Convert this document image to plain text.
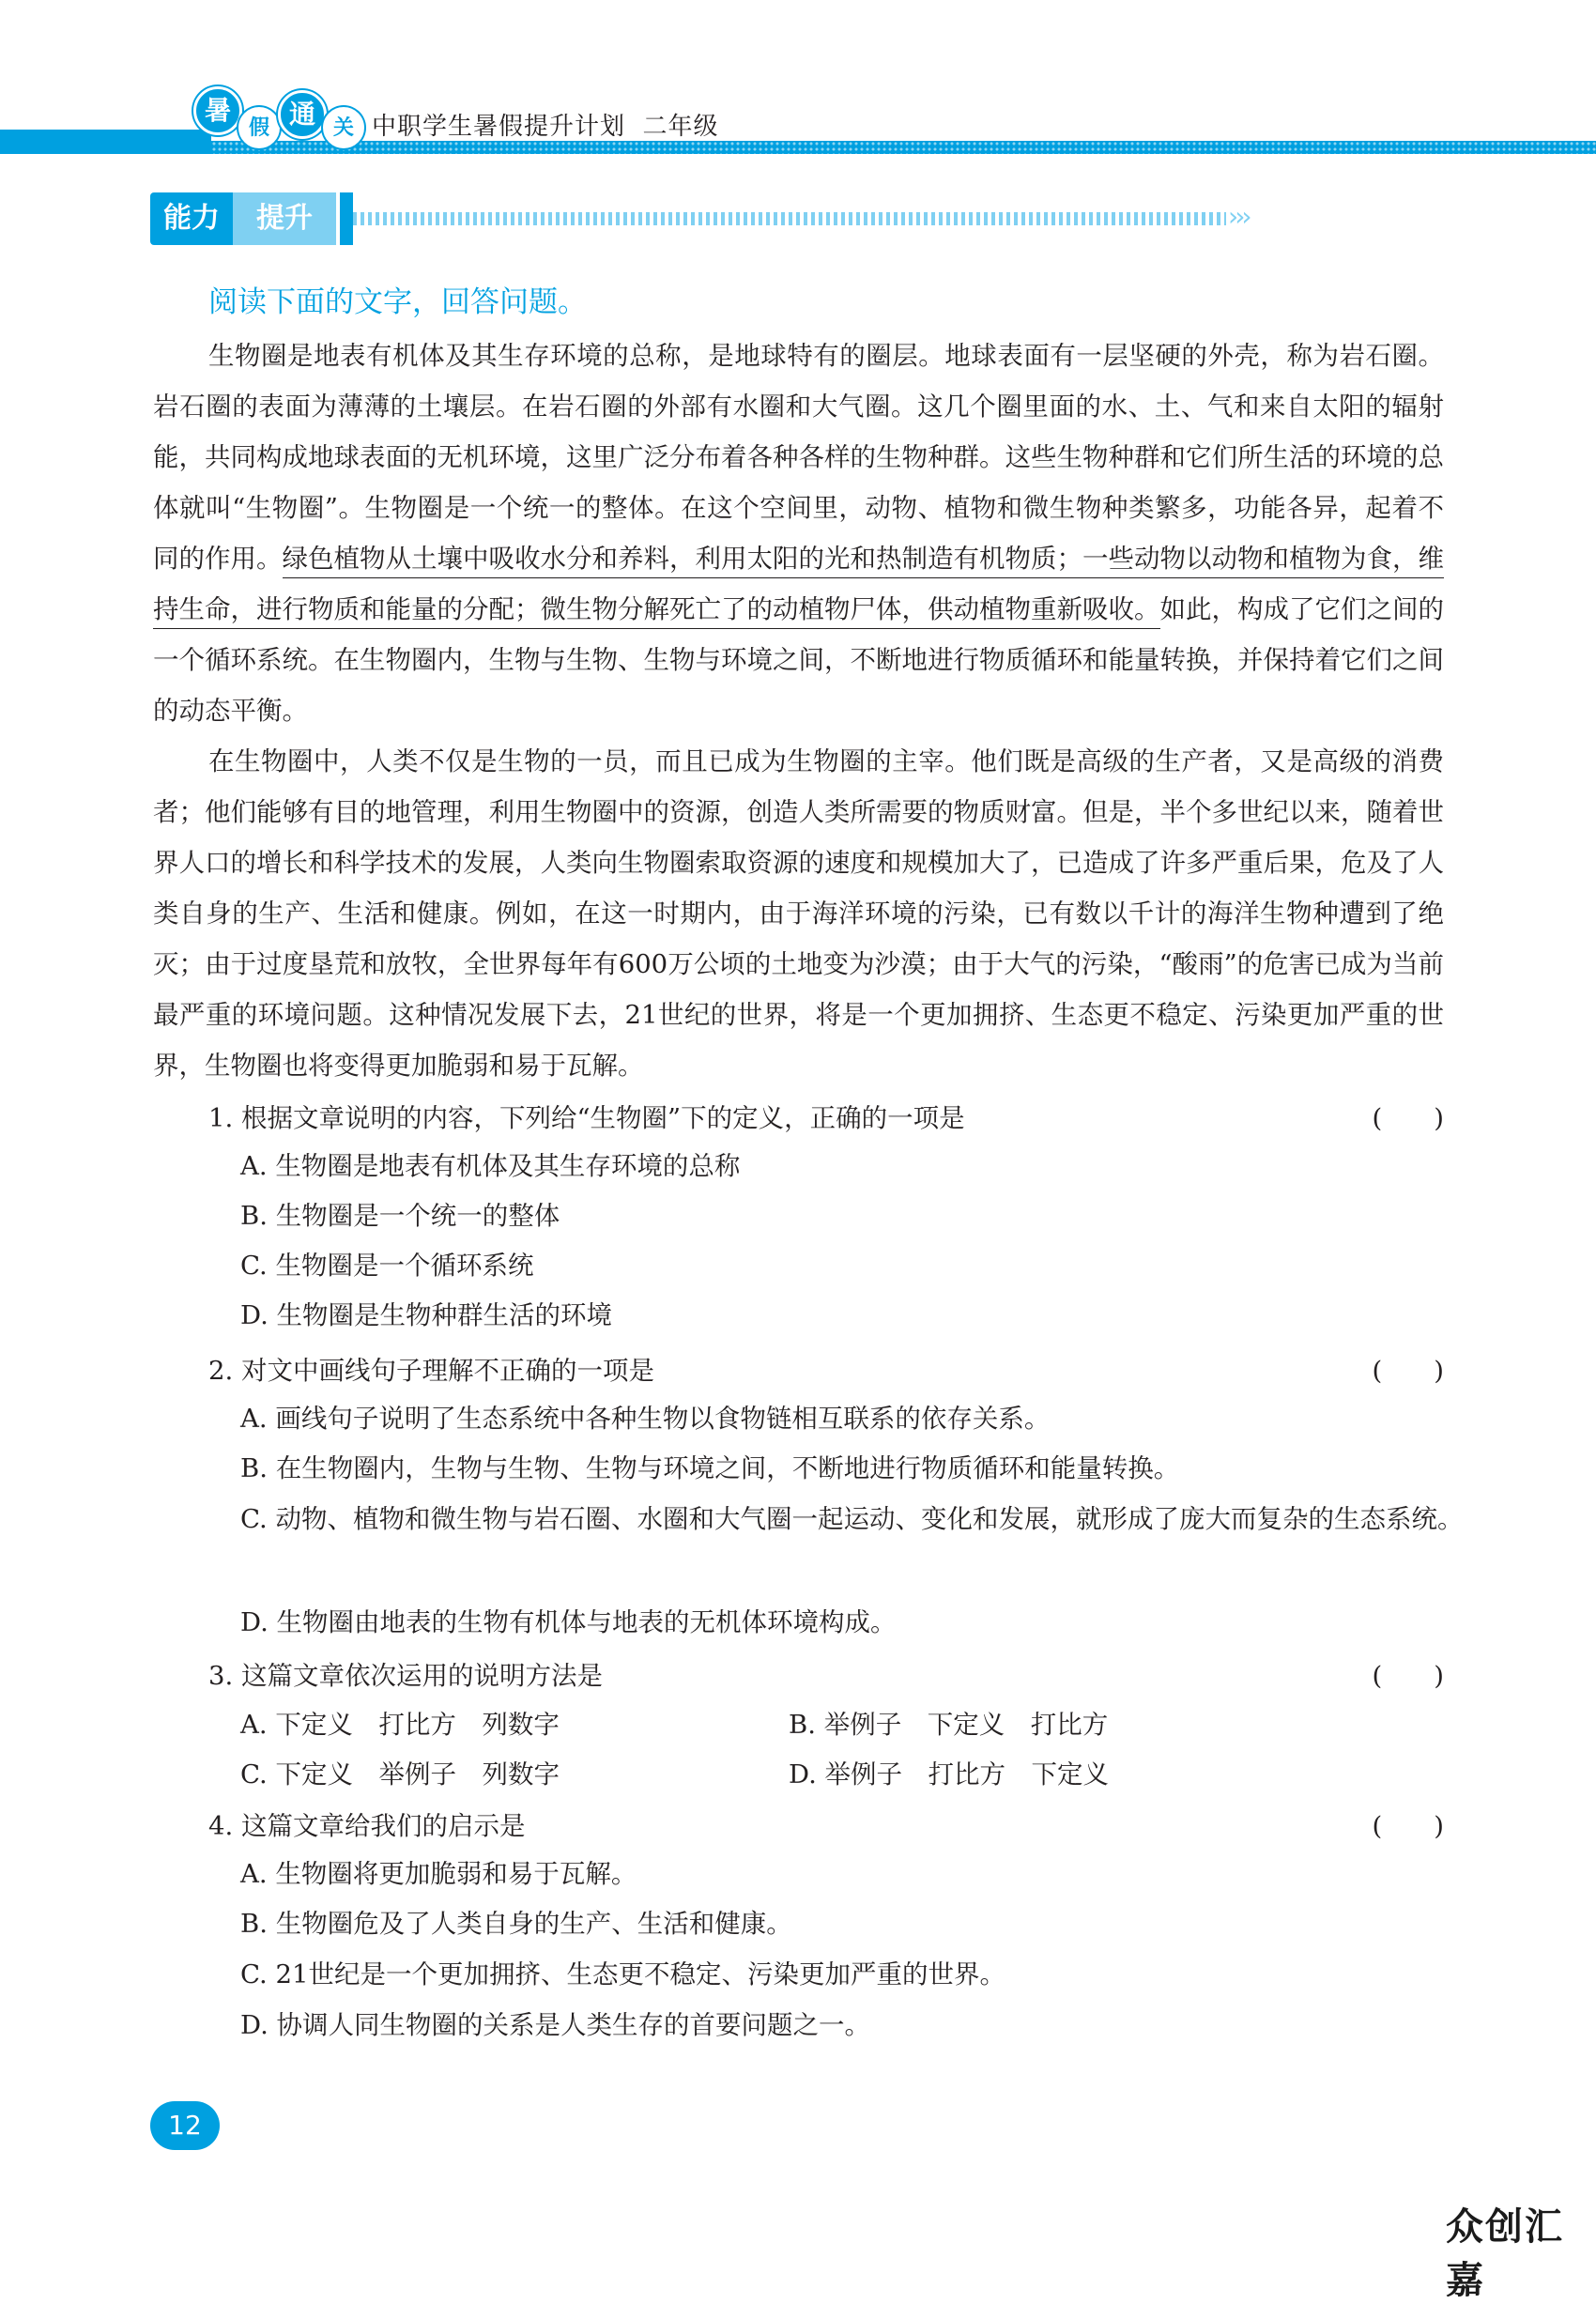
暑
假 通 关 中职学生暑假提升计划  二年级
能力	提升	›››
阅读下面的文字，回答问题。

生物圈是地表有机体及其生存环境的总称，是地球特有的圈层。地球表面有一层坚硬的外壳，称为岩石圈。岩石圈的表面为薄薄的土壤层。在岩石圈的外部有水圈和大气圈。这几个圈里面的水、土、气和来自太阳的辐射能，共同构成地球表面的无机环境，这里广泛分布着各种各样的生物种群。这些生物种群和它们所生活的环境的总体就叫“生物圈”。生物圈是一个统一的整体。在这个空间里，动物、植物和微生物种类繁多，功能各异，起着不同的作用。绿色植物从土壤中吸收水分和养料，利用太阳的光和热制造有机物质；一些动物以动物和植物为食，维持生命，进行物质和能量的分配；微生物分解死亡了的动植物尸体，供动植物重新吸收。如此，构成了它们之间的一个循环系统。在生物圈内，生物与生物、生物与环境之间，不断地进行物质循环和能量转换，并保持着它们之间的动态平衡。

在生物圈中，人类不仅是生物的一员，而且已成为生物圈的主宰。他们既是高级的生产者，又是高级的消费者；他们能够有目的地管理，利用生物圈中的资源，创造人类所需要的物质财富。但是，半个多世纪以来，随着世界人口的增长和科学技术的发展，人类向生物圈索取资源的速度和规模加大了，已造成了许多严重后果，危及了人类自身的生产、生活和健康。例如，在这一时期内，由于海洋环境的污染，已有数以千计的海洋生物种遭到了绝灭；由于过度垦荒和放牧，全世界每年有600万公顷的土地变为沙漠；由于大气的污染，“酸雨”的危害已成为当前最严重的环境问题。这种情况发展下去，21世纪的世界，将是一个更加拥挤、生态更不稳定、污染更加严重的世界，生物圈也将变得更加脆弱和易于瓦解。

1. 根据文章说明的内容，下列给“生物圈”下的定义，正确的一项是	(　　)
A. 生物圈是地表有机体及其生存环境的总称
B. 生物圈是一个统一的整体
C. 生物圈是一个循环系统
D. 生物圈是生物种群生活的环境
2. 对文中画线句子理解不正确的一项是	(　　)
A. 画线句子说明了生态系统中各种生物以食物链相互联系的依存关系。
B. 在生物圈内，生物与生物、生物与环境之间，不断地进行物质循环和能量转换。
C. 动物、植物和微生物与岩石圈、水圈和大气圈一起运动、变化和发展，就形成了庞大而复杂的生态系统。
D. 生物圈由地表的生物有机体与地表的无机体环境构成。
3. 这篇文章依次运用的说明方法是	(　　)
A. 下定义　打比方　列数字	B. 举例子　下定义　打比方
C. 下定义　举例子　列数字	D. 举例子　打比方　下定义
4. 这篇文章给我们的启示是	(　　)
A. 生物圈将更加脆弱和易于瓦解。
B. 生物圈危及了人类自身的生产、生活和健康。
C. 21世纪是一个更加拥挤、生态更不稳定、污染更加严重的世界。
D. 协调人同生物圈的关系是人类生存的首要问题之一。
12
众创汇嘉
